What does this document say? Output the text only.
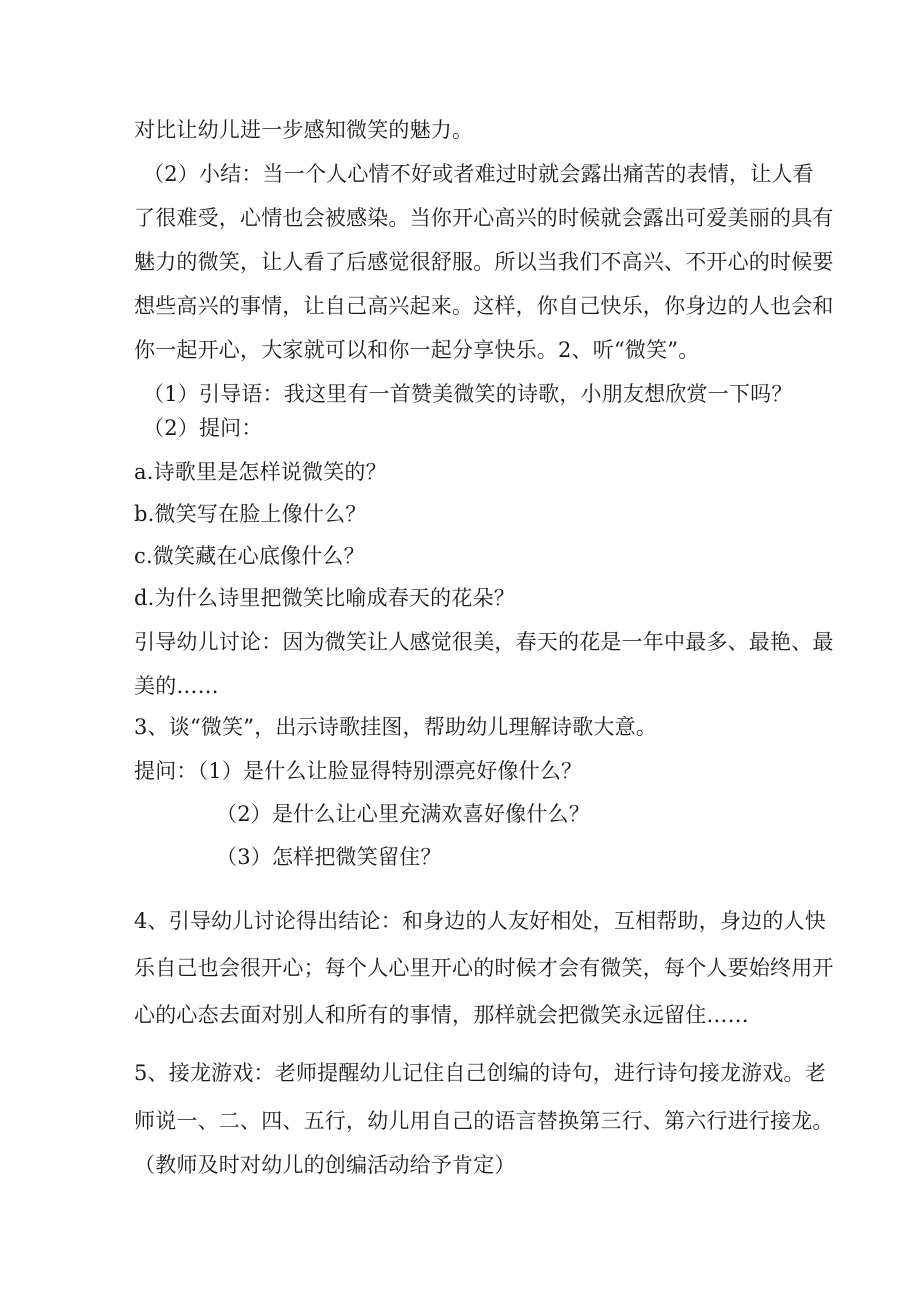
对比让幼儿进一步感知微笑的魅力。
（2）小结：当一个人心情不好或者难过时就会露出痛苦的表情，让人看
了很难受，心情也会被感染。当你开心高兴的时候就会露出可爱美丽的具有
魅力的微笑，让人看了后感觉很舒服。所以当我们不高兴、不开心的时候要
想些高兴的事情，让自己高兴起来。这样，你自己快乐，你身边的人也会和
你一起开心，大家就可以和你一起分享快乐。2、听“微笑”。
（1）引导语：我这里有一首赞美微笑的诗歌，小朋友想欣赏一下吗？
（2）提问：
a.诗歌里是怎样说微笑的？
b.微笑写在脸上像什么？
c.微笑藏在心底像什么？
d.为什么诗里把微笑比喻成春天的花朵？
引导幼儿讨论：因为微笑让人感觉很美，春天的花是一年中最多、最艳、最
美的……
3、谈“微笑”，出示诗歌挂图，帮助幼儿理解诗歌大意。
提问：（1）是什么让脸显得特别漂亮好像什么？
（2）是什么让心里充满欢喜好像什么？
（3）怎样把微笑留住？
4、引导幼儿讨论得出结论：和身边的人友好相处，互相帮助，身边的人快
乐自己也会很开心；每个人心里开心的时候才会有微笑，每个人要始终用开
心的心态去面对别人和所有的事情，那样就会把微笑永远留住……
5、接龙游戏：老师提醒幼儿记住自己创编的诗句，进行诗句接龙游戏。老
师说一、二、四、五行，幼儿用自己的语言替换第三行、第六行进行接龙。
（教师及时对幼儿的创编活动给予肯定）
